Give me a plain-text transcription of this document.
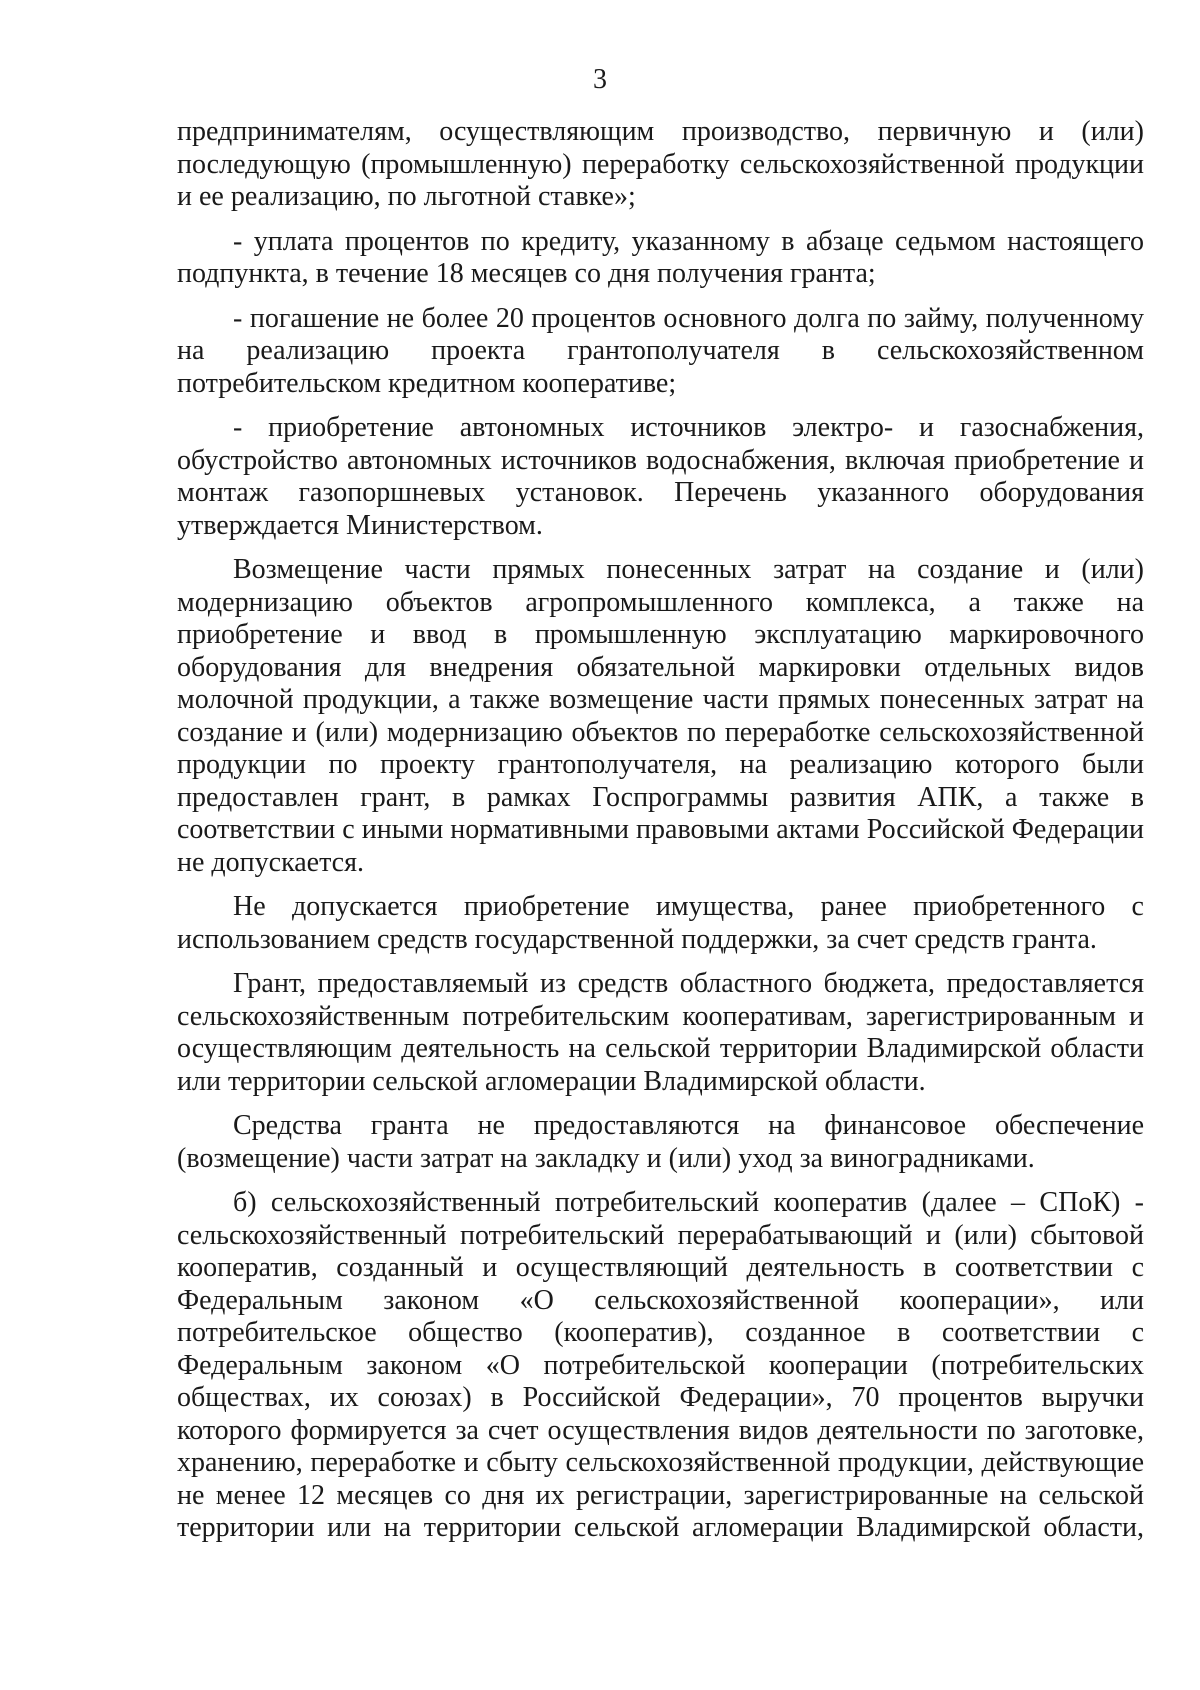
3

предпринимателям, осуществляющим производство, первичную и (или) последующую (промышленную) переработку сельскохозяйственной продукции и ее реализацию, по льготной ставке»;

- уплата процентов по кредиту, указанному в абзаце седьмом настоящего подпункта, в течение 18 месяцев со дня получения гранта;

- погашение не более 20 процентов основного долга по займу, полученному на реализацию проекта грантополучателя в сельскохозяйственном потребительском кредитном кооперативе;

- приобретение автономных источников электро- и газоснабжения, обустройство автономных источников водоснабжения, включая приобретение и монтаж газопоршневых установок. Перечень указанного оборудования утверждается Министерством.

Возмещение части прямых понесенных затрат на создание и (или) модернизацию объектов агропромышленного комплекса, а также на приобретение и ввод в промышленную эксплуатацию маркировочного оборудования для внедрения обязательной маркировки отдельных видов молочной продукции, а также возмещение части прямых понесенных затрат на создание и (или) модернизацию объектов по переработке сельскохозяйственной продукции по проекту грантополучателя, на реализацию которого были предоставлен грант, в рамках Госпрограммы развития АПК, а также в соответствии с иными нормативными правовыми актами Российской Федерации не допускается.

Не допускается приобретение имущества, ранее приобретенного с использованием средств государственной поддержки, за счет средств гранта.

Грант, предоставляемый из средств областного бюджета, предоставляется сельскохозяйственным потребительским кооперативам, зарегистрированным и осуществляющим деятельность на сельской территории Владимирской области или территории сельской агломерации Владимирской области.

Средства гранта не предоставляются на финансовое обеспечение (возмещение) части затрат на закладку и (или) уход за виноградниками.

б) сельскохозяйственный потребительский кооператив (далее – СПоК) - сельскохозяйственный потребительский перерабатывающий и (или) сбытовой кооператив, созданный и осуществляющий деятельность в соответствии с Федеральным законом «О сельскохозяйственной кооперации», или потребительское общество (кооператив), созданное в соответствии с Федеральным законом «О потребительской кооперации (потребительских обществах, их союзах) в Российской Федерации», 70 процентов выручки которого формируется за счет осуществления видов деятельности по заготовке, хранению, переработке и сбыту сельскохозяйственной продукции, действующие не менее 12 месяцев со дня их регистрации, зарегистрированные на сельской территории или на территории сельской агломерации Владимирской области,
